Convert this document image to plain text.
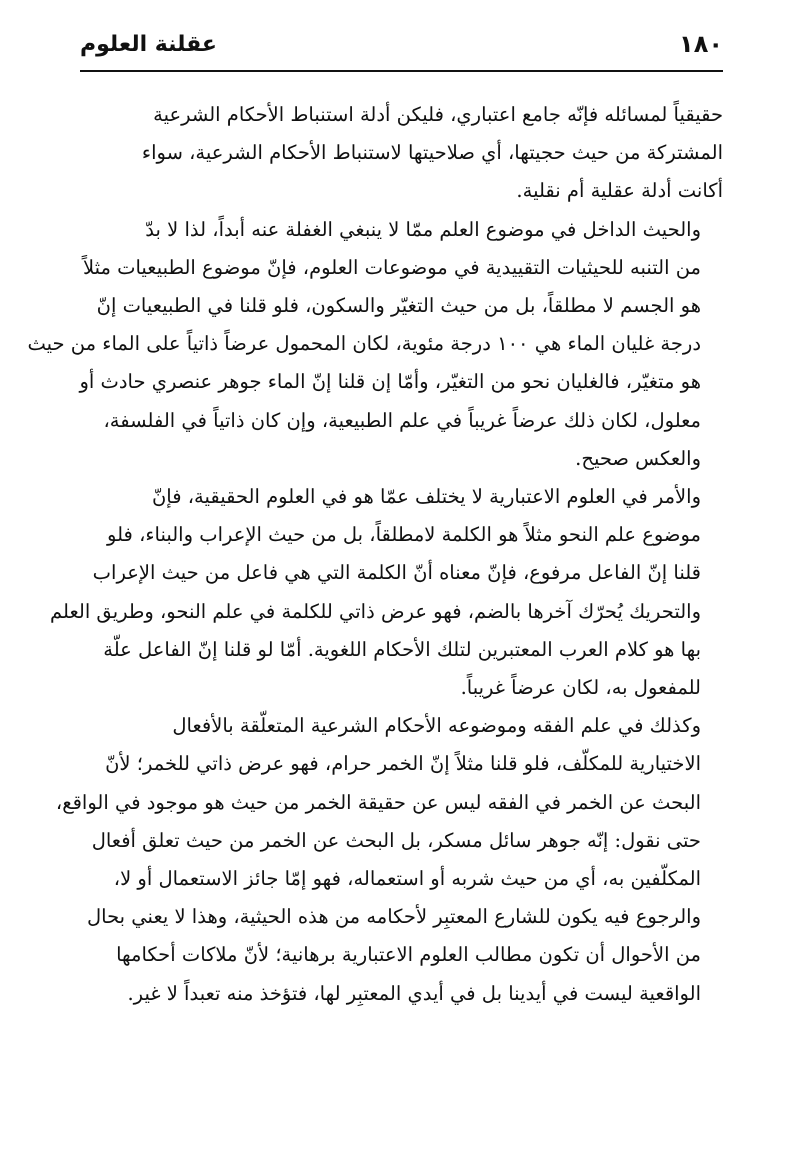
١٨٠
عقلنة العلوم

حقيقياً لمسائله فإنّه جامع اعتباري، فليكن أدلة استنباط الأحكام الشرعية
المشتركة من حيث حجيتها، أي صلاحيتها لاستنباط الأحكام الشرعية، سواء
أكانت أدلة عقلية أم نقلية.

والحيث الداخل في موضوع العلم ممّا لا ينبغي الغفلة عنه أبداً، لذا لا بدّ
من التنبه للحيثيات التقييدية في موضوعات العلوم، فإنّ موضوع الطبيعيات مثلاً
هو الجسم لا مطلقاً، بل من حيث التغيّر والسكون، فلو قلنا في الطبيعيات إنّ
درجة غليان الماء هي ١٠٠ درجة مئوية، لكان المحمول عرضاً ذاتياً على الماء من حيث
هو متغيّر، فالغليان نحو من التغيّر، وأمّا إن قلنا إنّ الماء جوهر عنصري حادث أو
معلول، لكان ذلك عرضاً غريباً في علم الطبيعية، وإن كان ذاتياً في الفلسفة،
والعكس صحيح.

والأمر في العلوم الاعتبارية لا يختلف عمّا هو في العلوم الحقيقية، فإنّ
موضوع علم النحو مثلاً هو الكلمة لامطلقاً، بل من حيث الإعراب والبناء، فلو
قلنا إنّ الفاعل مرفوع، فإنّ معناه أنّ الكلمة التي هي فاعل من حيث الإعراب
والتحريك يُحرّك آخرها بالضم، فهو عرض ذاتي للكلمة في علم النحو، وطريق العلم
بها هو كلام العرب المعتبرين لتلك الأحكام اللغوية. أمّا لو قلنا إنّ الفاعل علّة
للمفعول به، لكان عرضاً غريباً.

وكذلك في علم الفقه وموضوعه الأحكام الشرعية المتعلّقة بالأفعال
الاختيارية للمكلّف، فلو قلنا مثلاً إنّ الخمر حرام، فهو عرض ذاتي للخمر؛ لأنّ
البحث عن الخمر في الفقه ليس عن حقيقة الخمر من حيث هو موجود في الواقع،
حتى نقول: إنّه جوهر سائل مسكر، بل البحث عن الخمر من حيث تعلق أفعال
المكلّفين به، أي من حيث شربه أو استعماله، فهو إمّا جائز الاستعمال أو لا،
والرجوع فيه يكون للشارع المعتبِر لأحكامه من هذه الحيثية، وهذا لا يعني بحال
من الأحوال أن تكون مطالب العلوم الاعتبارية برهانية؛ لأنّ ملاكات أحكامها
الواقعية ليست في أيدينا بل في أيدي المعتبِر لها، فتؤخذ منه تعبداً لا غير.
